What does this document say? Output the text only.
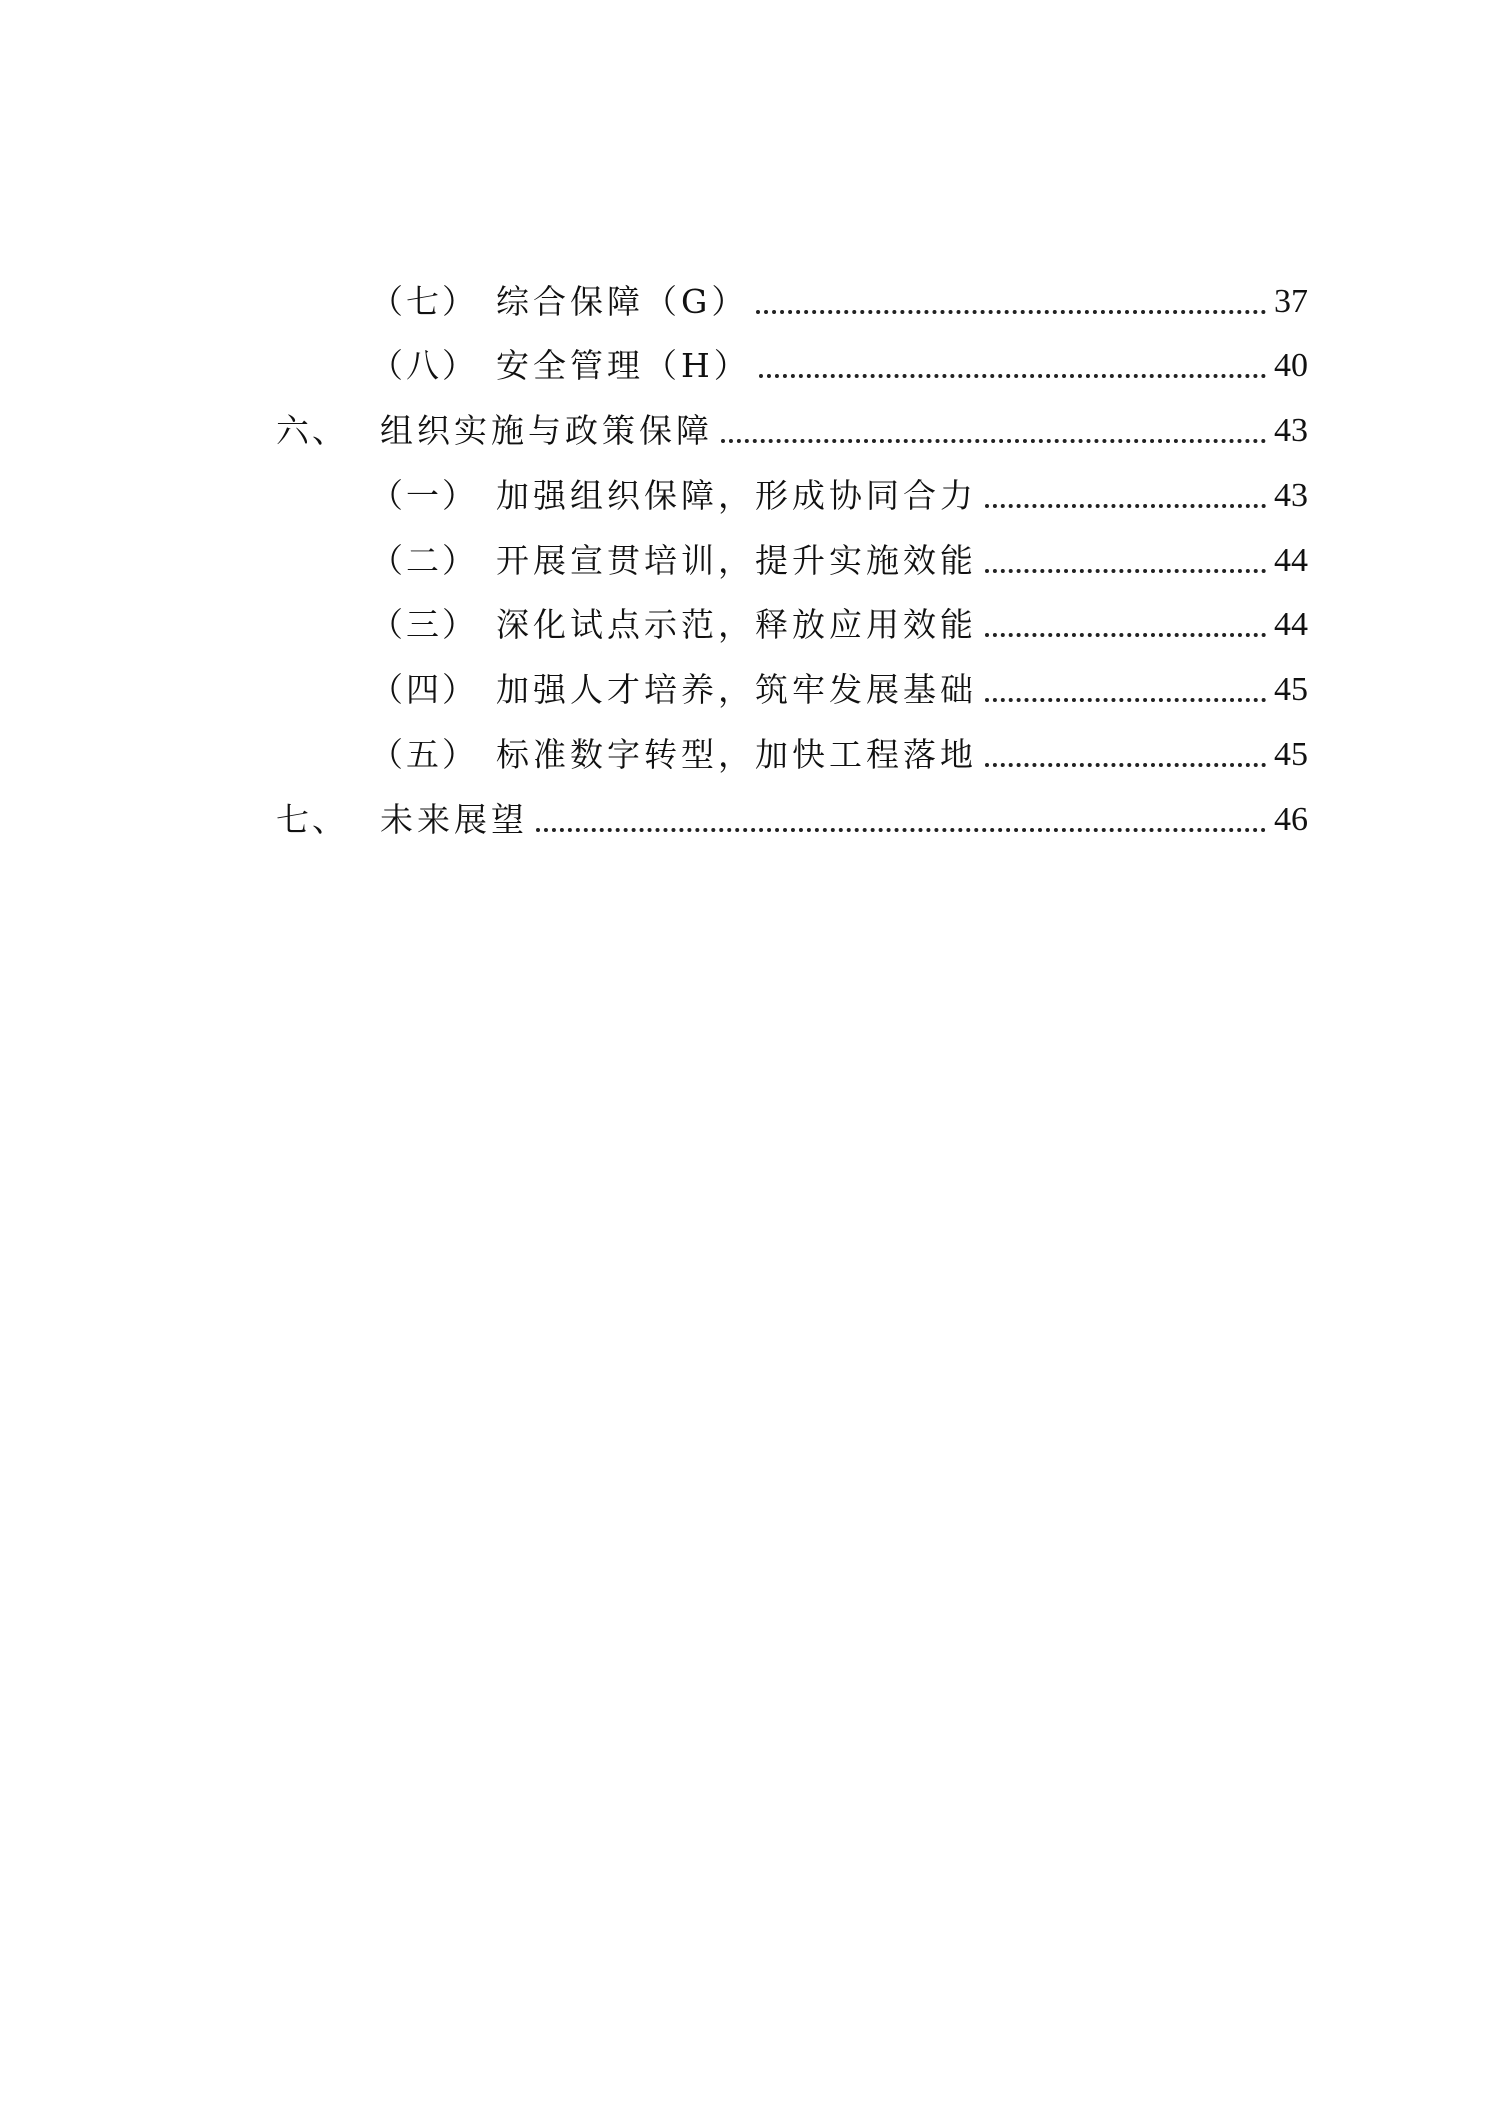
（七） 综合保障（G）	37
（八） 安全管理（H）	40
六、 组织实施与政策保障	43
（一） 加强组织保障，形成协同合力	43
（二） 开展宣贯培训，提升实施效能	44
（三） 深化试点示范，释放应用效能	44
（四） 加强人才培养，筑牢发展基础	45
（五） 标准数字转型，加快工程落地	45
七、 未来展望	46
